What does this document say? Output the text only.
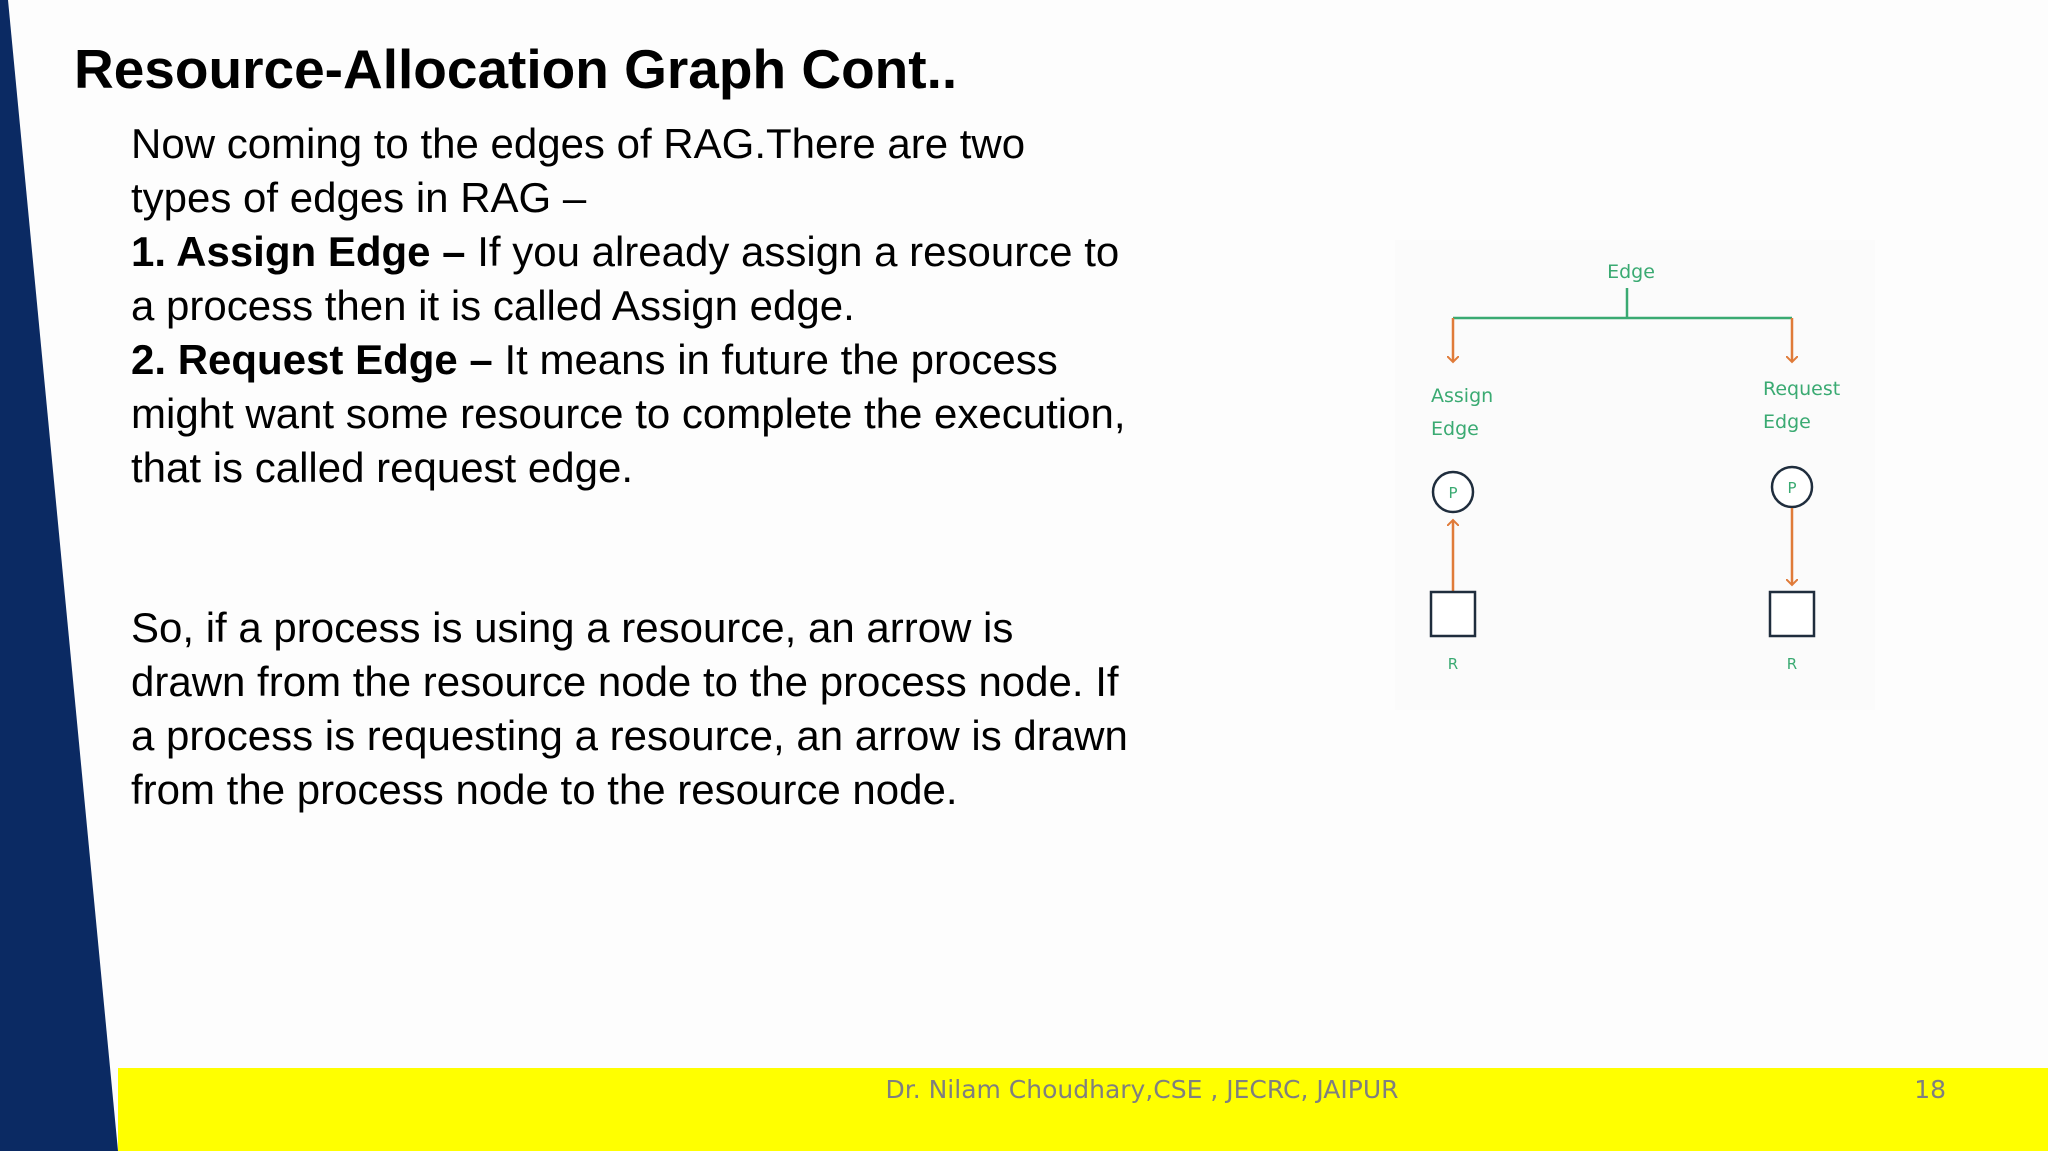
Resource-Allocation Graph Cont..
Now coming to the edges of RAG.There are two
types of edges in RAG –
1. Assign Edge – If you already assign a resource to
a process then it is called Assign edge.
2. Request Edge – It means in future the process
might want some resource to complete the execution,
that is called request edge.
So, if a process is using a resource, an arrow is
drawn from the resource node to the process node. If
a process is requesting a resource, an arrow is drawn
from the process node to the resource node.
Edge
Assign
Edge
Request
Edge
P
R
P
R
Dr. Nilam Choudhary,CSE , JECRC, JAIPUR	18
